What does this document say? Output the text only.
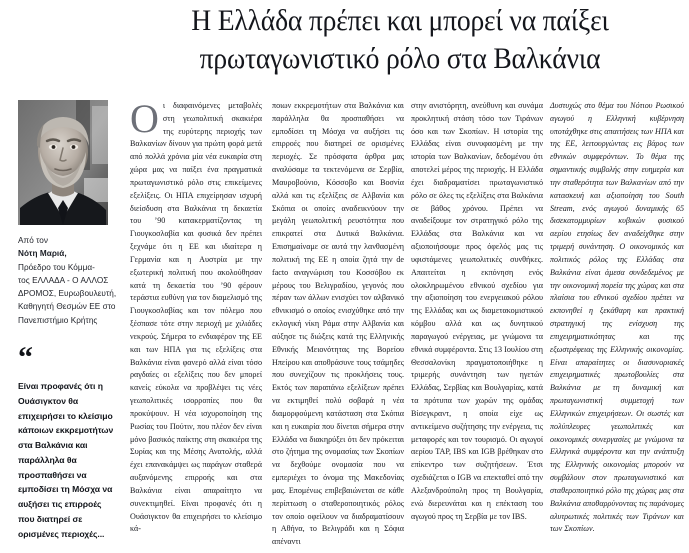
Η Ελλάδα πρέπει και μπορεί να παίξει
πρωταγωνιστικό ρόλο στα Βαλκάνια
Από τον
Νότη Μαριά,
Πρόεδρο του Κόμμα-
τος ΕΛΛΑΔΑ - Ο ΑΛΛΟΣ
ΔΡΟΜΟΣ, Ευρωβουλευτή,
Καθηγητή Θεσμών ΕΕ στο
Πανεπιστήμιο Κρήτης
“
Είναι προφανές ότι η Ουάσιγκτον θα επιχειρήσει το κλείσιμο κάποιων εκκρεμοτήτων στα Βαλκάνια και παράλληλα θα προσπαθήσει να εμποδίσει τη Μόσχα να αυξήσει τις επιρροές που διατηρεί σε ορισμένες περιοχές...

Οι διαφαινόμενες μεταβολές στη γεωπολιτική σκακιέρα της ευρύτερης περιοχής των Βαλκανίων δίνουν για πρώτη φορά μετά από πολλά χρόνια μία νέα ευκαιρία στη χώρα μας να παίξει ένα πραγματικά πρωταγωνιστικό ρόλο στις επικείμενες εξελίξεις. Οι ΗΠΑ επιχείρησαν ισχυρή διείσδυση στα Βαλκάνια τη δεκαετία του ’90 κατακερματίζοντας τη Γιουγκοσλαβία και φυσικά δεν πρέπει ξεχνάμε ότι η ΕΕ και ιδιαίτερα η Γερμανία και η Αυστρία με την εξωτερική πολιτική που ακολούθησαν κατά τη δεκαετία του ’90 φέρουν τεράστια ευθύνη για τον διαμελισμό της Γιουγκοσλαβίας και τον πόλεμο που ξέσπασε τότε στην περιοχή με χιλιάδες νεκρούς. Σήμερα το ενδιαφέρον της ΕΕ και των ΗΠΑ για τις εξελίξεις στα Βαλκάνια είναι φανερό αλλά είναι τόσο ραγδαίες οι εξελίξεις που δεν μπορεί κανείς εύκολα να προβλέψει τις νέες γεωπολιτικές ισορροπίες που θα προκύψουν. Η νέα ισχυροποίηση της Ρωσίας του Πούτιν, που πλέον δεν είναι μόνο βασικός παίκτης στη σκακιέρα της Συρίας και της Μέσης Ανατολής, αλλά έχει επανακάμψει ως παράγων σταθερά αυξανόμενης επιρροής και στα Βαλκάνια είναι απαραίτητο να συνεκτιμηθεί. Είναι προφανές ότι η Ουάσιγκτον θα επιχειρήσει το κλείσιμο κά-

ποιων εκκρεμοτήτων στα Βαλκάνια και παράλληλα θα προσπαθήσει να εμποδίσει τη Μόσχα να αυξήσει τις επιρροές που διατηρεί σε ορισμένες περιοχές. Σε πρόσφατα άρθρα μας αναλύσαμε τα τεκτενόμενα σε Σερβία, Μαυροβούνιο, Κόσσοβο και Βοσνία αλλά και τις εξελίξεις σε Αλβανία και Σκόπια οι οποίες αναδεικνύουν την μεγάλη γεωπολιτική ρευστότητα που επικρατεί στα Δυτικά Βαλκάνια. Επισημαίναμε σε αυτά την λανθασμένη πολιτική της ΕΕ η οποία ζητά την de facto αναγνώριση του Κοσσόβου εκ μέρους του Βελιγραδίου, γεγονός που πέραν των άλλων ενισχύει τον αλβανικό εθνικισμό ο οποίος ενισχύθηκε από την εκλογική νίκη Ράμα στην Αλβανία και αύξησε τις διώξεις κατά της Ελληνικής Εθνικής Μειονότητας της Βορείου Ηπείρου και αποθράσυνε τους τσάμηδες που συνεχίζουν τις προκλήσεις τους. Εκτός των παραπάνω εξελίξεων πρέπει να εκτιμηθεί πολύ σοβαρά η νέα διαμορφούμενη κατάσταση στα Σκόπια και η ευκαιρία που δίνεται σήμερα στην Ελλάδα να διακηρύξει ότι δεν πρόκειται στο ζήτημα της ονομασίας των Σκοπίων να δεχθούμε ονομασία που να εμπεριέχει το όνομα της Μακεδονίας μας. Επομένως επιβεβαιώνεται σε κάθε περίπτωση ο σταθεροποιητικός ρόλος τον οποίο οφείλουν να διαδραματίσουν η Αθήνα, το Βελιγράδι και η Σόφια απέναντι

στην ανιστόρητη, ανεύθυνη και συνάμα προκλητική στάση τόσο των Τιράνων όσο και των Σκοπίων. Η ιστορία της Ελλάδας είναι συνυφασμένη με την ιστορία των Βαλκανίων, δεδομένου ότι αποτελεί μέρος της περιοχής. Η Ελλάδα έχει διαδραματίσει πρωταγωνιστικό ρόλο σε όλες τις εξελίξεις στα Βαλκάνια σε βάθος χρόνου. Πρέπει να αναδείξουμε τον στρατηγικό ρόλο της Ελλάδας στα Βαλκάνια και να αξιοποιήσουμε προς όφελός μας τις υφιστάμενες γεωπολιτικές συνθήκες. Απαιτείται η εκπόνηση ενός ολοκληρωμένου εθνικού σχεδίου για την αξιοποίηση του ενεργειακού ρόλου της Ελλάδας και ως διαμετακομιστικού κόμβου αλλά και ως δυνητικού παραγωγού ενέργειας, με γνώμονα τα εθνικά συμφέροντα. Στις 13 Ιουλίου στη Θεσσαλονίκη πραγματοποιήθηκε η τριμερής συνάντηση των ηγετών Ελλάδας, Σερβίας και Βουλγαρίας, κατά τα πρότυπα των χωρών της ομάδας Βίσεγκραντ, η οποία είχε ως αντικείμενο συζήτησης την ενέργεια, τις μεταφορές και τον τουρισμό. Οι αγωγοί αερίου TAP, IBS και IGB βρέθηκαν στο επίκεντρο των συζητήσεων. Έτσι σχεδιάζεται ο IGB να επεκταθεί από την Αλεξανδρούπολη προς τη Βουλγαρία, ενώ διερευνάται και η επέκταση του αγωγού προς τη Σερβία με τον IBS.

Δυστυχώς στο θέμα του Νότιου Ρωσικού αγωγού η Ελληνική κυβέρνηση υποτάχθηκε στις απαιτήσεις των ΗΠΑ και της ΕΕ, λειτουργώντας εις βάρος των εθνικών συμφερόντων. Το θέμα της σημαντικής συμβολής στην ευημερία και την σταθερότητα των Βαλκανίων από την κατασκευή και αξιοποίηση του South Stream, ενός αγωγού δυναμικής 65 δισεκατομμυρίων κυβικών φυσικού αερίου ετησίως δεν αναδείχθηκε στην τριμερή συνάντηση. Ο οικονομικός και πολιτικός ρόλος της Ελλάδας στα Βαλκάνια είναι άμεσα συνδεδεμένος με την οικονομική πορεία της χώρας και στα πλαίσια του εθνικού σχεδίου πρέπει να εκπονηθεί η ξεκάθαρη και πρακτική στρατηγική της ενίσχυση της επιχειρηματικότητας και της εξωστρέφειας της Ελληνικής οικονομίας. Είναι απαραίτητες οι διασυνοριακές επιχειρηματικές πρωτοβουλίες στα Βαλκάνια με τη δυναμική και πρωταγωνιστική συμμετοχή των Ελληνικών επιχειρήσεων. Οι σωστές και πολύπλευρες γεωπολιτικές και οικονομικές συνεργασίες με γνώμονα τα Ελληνικά συμφέροντα και την ανάπτυξη της Ελληνικής οικονομίας μπορούν να συμβάλουν στον πρωταγωνιστικό και σταθεροποιητικό ρόλο της χώρας μας στα Βαλκάνια αποθαρρύνοντας τις παράνομες αλυτρωτικές πολιτικές των Τιράνων και των Σκοπίων.
